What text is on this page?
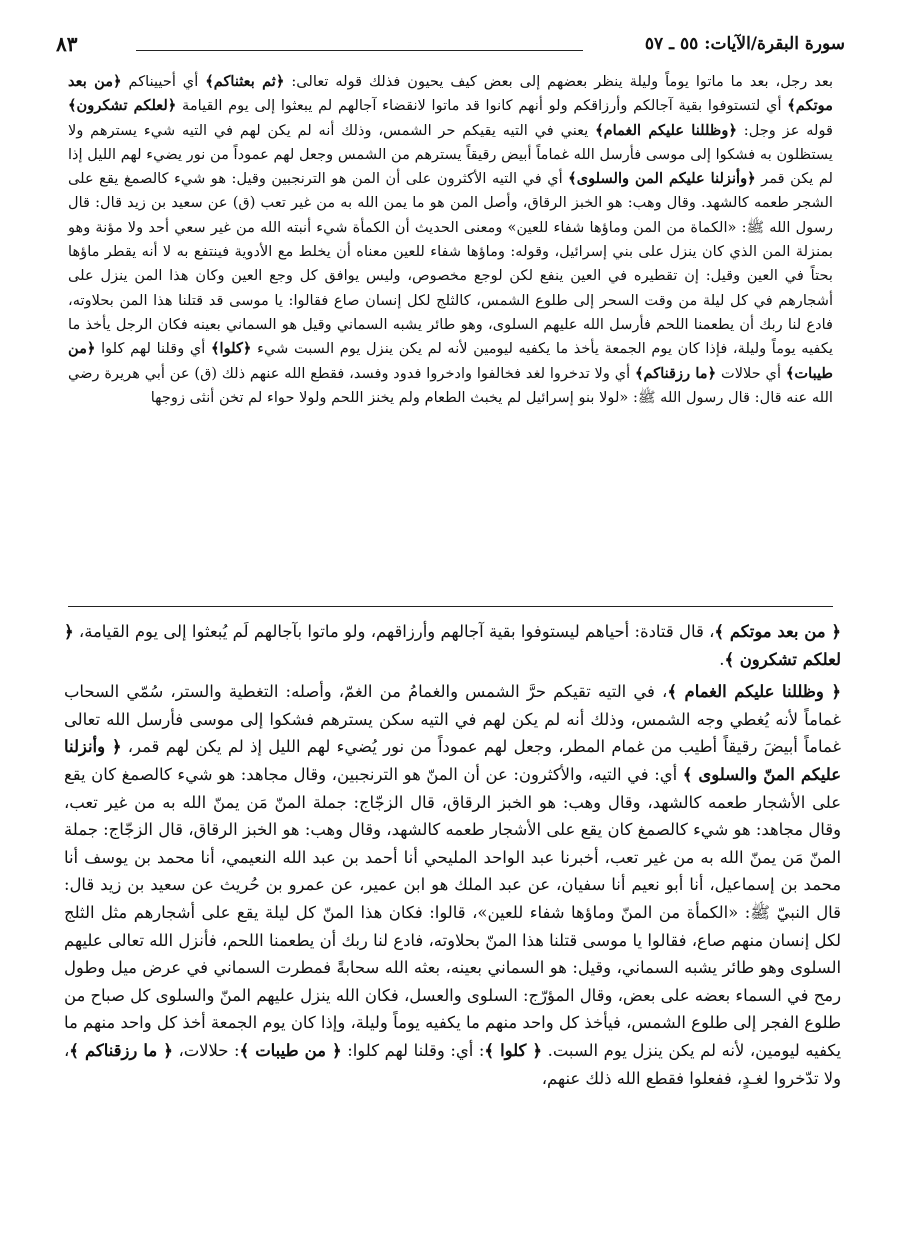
سورة البقرة/الآيات: ٥٥ ـ ٥٧
٨٣

بعد رجل، بعد ما ماتوا يوماً وليلة ينظر بعضهم إلى بعض كيف يحيون فذلك قوله تعالى: ﴿ثم بعثناكم﴾ أي أحييناكم ﴿من بعد موتكم﴾ أي لتستوفوا بقية آجالكم وأرزاقكم ولو أنهم كانوا قد ماتوا لانقضاء آجالهم لم يبعثوا إلى يوم القيامة ﴿لعلكم تشكرون﴾ قوله عز وجل: ﴿وظللنا عليكم الغمام﴾ يعني في التيه يقيكم حر الشمس، وذلك أنه لم يكن لهم في التيه شيء يسترهم ولا يستظلون به فشكوا إلى موسى فأرسل الله غماماً أبيض رقيقاً يسترهم من الشمس وجعل لهم عموداً من نور يضيء لهم الليل إذا لم يكن قمر ﴿وأنزلنا عليكم المن والسلوى﴾ أي في التيه الأكثرون على أن المن هو الترنجبين وقيل: هو شيء كالصمغ يقع على الشجر طعمه كالشهد. وقال وهب: هو الخبز الرقاق، وأصل المن هو ما يمن الله به من غير تعب (ق) عن سعيد بن زيد قال: قال رسول الله ﷺ: «الكماة من المن وماؤها شفاء للعين» ومعنى الحديث أن الكمأة شيء أنبته الله من غير سعي أحد ولا مؤنة وهو بمنزلة المن الذي كان ينزل على بني إسرائيل، وقوله: وماؤها شفاء للعين معناه أن يخلط مع الأدوية فينتفع به لا أنه يقطر ماؤها بحتاً في العين وقيل: إن تقطيره في العين ينفع لكن لوجع مخصوص، وليس يوافق كل وجع العين وكان هذا المن ينزل على أشجارهم في كل ليلة من وقت السحر إلى طلوع الشمس، كالثلج لكل إنسان صاع فقالوا: يا موسى قد قتلنا هذا المن بحلاوته، فادع لنا ربك أن يطعمنا اللحم فأرسل الله عليهم السلوى، وهو طائر يشبه السماني وقيل هو السماني بعينه فكان الرجل يأخذ ما يكفيه يوماً وليلة، فإذا كان يوم الجمعة يأخذ ما يكفيه ليومين لأنه لم يكن ينزل يوم السبت شيء ﴿كلوا﴾ أي وقلنا لهم كلوا ﴿من طيبات﴾ أي حلالات ﴿ما رزقناكم﴾ أي ولا تدخروا لغد فخالفوا وادخروا فدود وفسد، فقطع الله عنهم ذلك (ق) عن أبي هريرة رضي الله عنه قال: قال رسول الله ﷺ: «لولا بنو إسرائيل لم يخبث الطعام ولم يخنز اللحم ولولا حواء لم تخن أنثى زوجها

﴿ من بعد موتكم ﴾، قال قتادة: أحياهم ليستوفوا بقية آجالهم وأرزاقهم، ولو ماتوا بآجالهم لَم يُبعثوا إلى يوم القيامة، ﴿ لعلكم تشكرون ﴾.

﴿ وظللنا عليكم الغمام ﴾، في التيه تقيكم حرَّ الشمس والغمامُ من الغمّ، وأصله: التغطية والستر، سُمّي السحاب غماماً لأنه يُغطي وجه الشمس، وذلك أنه لم يكن لهم في التيه سكن يسترهم فشكوا إلى موسى فأرسل الله تعالى غماماً أبيضَ رقيقاً أطيب من غمام المطر، وجعل لهم عموداً من نور يُضيء لهم الليل إذ لم يكن لهم قمر، ﴿ وأنزلنا عليكم المنّ والسلوى ﴾ أي: في التيه، والأكثرون: عن أن المنّ هو الترنجبين، وقال مجاهد: هو شيء كالصمغ كان يقع على الأشجار طعمه كالشهد، وقال وهب: هو الخبز الرقاق، قال الزجّاج: جملة المنّ مَن يمنّ الله به من غير تعب، وقال مجاهد: هو شيء كالصمغ كان يقع على الأشجار طعمه كالشهد، وقال وهب: هو الخبز الرقاق، قال الزجّاج: جملة المنّ مَن يمنّ الله به من غير تعب، أخبرنا عبد الواحد المليحي أنا أحمد بن عبد الله النعيمي، أنا محمد بن يوسف أنا محمد بن إسماعيل، أنا أبو نعيم أنا سفيان، عن عبد الملك هو ابن عمير، عن عمرو بن حُريث عن سعيد بن زيد قال: قال النبيّ ﷺ: «الكمأة من المنّ وماؤها شفاء للعين»، قالوا: فكان هذا المنّ كل ليلة يقع على أشجارهم مثل الثلج لكل إنسان منهم صاع، فقالوا يا موسى قتلنا هذا المنّ بحلاوته، فادع لنا ربك أن يطعمنا اللحم، فأنزل الله تعالى عليهم السلوى وهو طائر يشبه السماني، وقيل: هو السماني بعينه، بعثه الله سحابةً فمطرت السماني في عرض ميل وطول رمح في السماء بعضه على بعض، وقال المؤرّج: السلوى والعسل، فكان الله ينزل عليهم المنّ والسلوى كل صباح من طلوع الفجر إلى طلوع الشمس، فيأخذ كل واحد منهم ما يكفيه يوماً وليلة، وإذا كان يوم الجمعة أخذ كل واحد منهم ما يكفيه ليومين، لأنه لم يكن ينزل يوم السبت. ﴿ كلوا ﴾: أي: وقلنا لهم كلوا: ﴿ من طيبات ﴾: حلالات، ﴿ ما رزقناكم ﴾، ولا تدّخروا لغـدٍ، ففعلوا فقطع الله ذلك عنهم،
